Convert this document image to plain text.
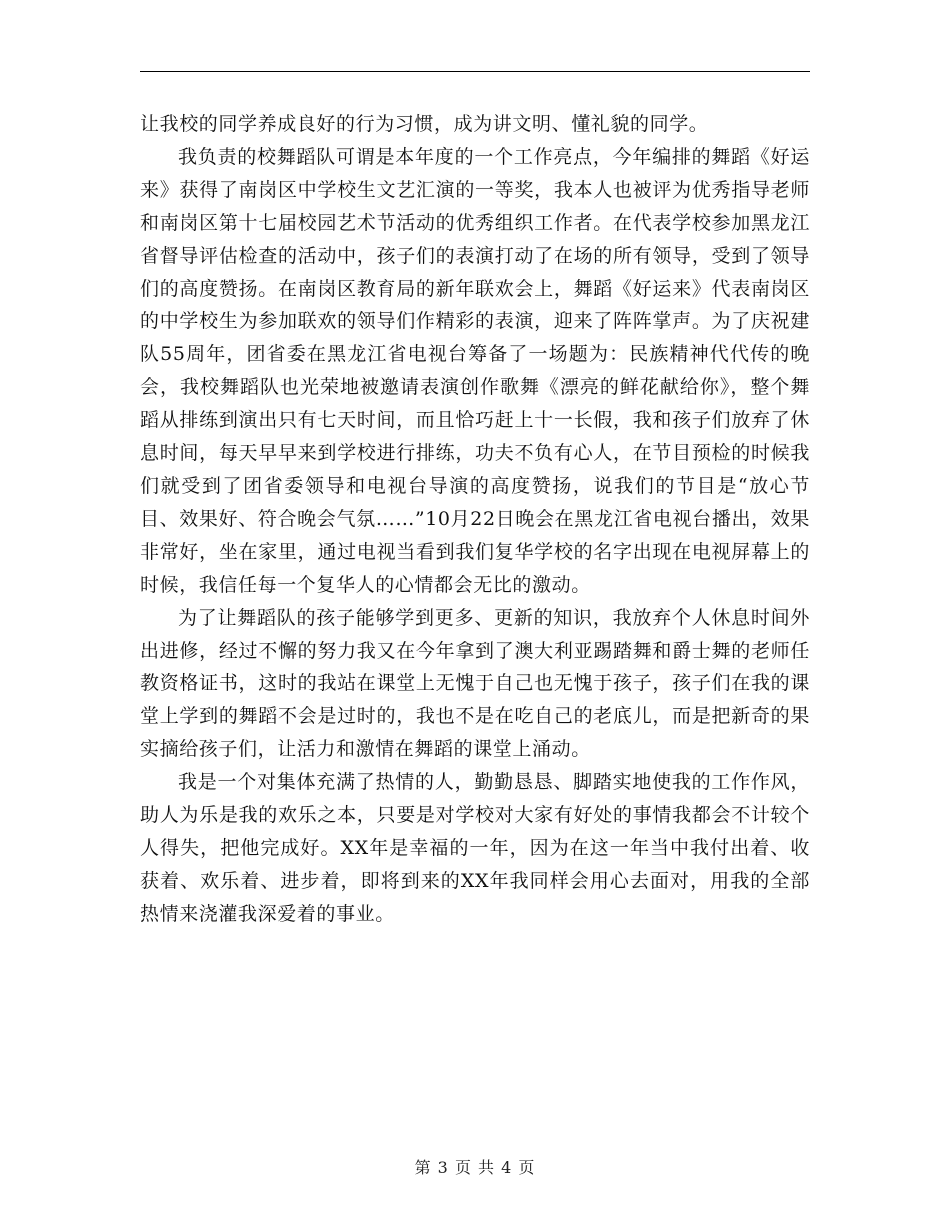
让我校的同学养成良好的行为习惯，成为讲文明、懂礼貌的同学。

我负责的校舞蹈队可谓是本年度的一个工作亮点，今年编排的舞蹈《好运来》获得了南岗区中学校生文艺汇演的一等奖，我本人也被评为优秀指导老师和南岗区第十七届校园艺术节活动的优秀组织工作者。在代表学校参加黑龙江省督导评估检查的活动中，孩子们的表演打动了在场的所有领导，受到了领导们的高度赞扬。在南岗区教育局的新年联欢会上，舞蹈《好运来》代表南岗区的中学校生为参加联欢的领导们作精彩的表演，迎来了阵阵掌声。为了庆祝建队55周年，团省委在黑龙江省电视台筹备了一场题为：民族精神代代传的晚会，我校舞蹈队也光荣地被邀请表演创作歌舞《漂亮的鲜花献给你》，整个舞蹈从排练到演出只有七天时间，而且恰巧赶上十一长假，我和孩子们放弃了休息时间，每天早早来到学校进行排练，功夫不负有心人，在节目预检的时候我们就受到了团省委领导和电视台导演的高度赞扬，说我们的节目是“放心节目、效果好、符合晚会气氛……”10月22日晚会在黑龙江省电视台播出，效果非常好，坐在家里，通过电视当看到我们复华学校的名字出现在电视屏幕上的时候，我信任每一个复华人的心情都会无比的激动。

为了让舞蹈队的孩子能够学到更多、更新的知识，我放弃个人休息时间外出进修，经过不懈的努力我又在今年拿到了澳大利亚踢踏舞和爵士舞的老师任教资格证书，这时的我站在课堂上无愧于自己也无愧于孩子，孩子们在我的课堂上学到的舞蹈不会是过时的，我也不是在吃自己的老底儿，而是把新奇的果实摘给孩子们，让活力和激情在舞蹈的课堂上涌动。

我是一个对集体充满了热情的人，勤勤恳恳、脚踏实地使我的工作作风，助人为乐是我的欢乐之本，只要是对学校对大家有好处的事情我都会不计较个人得失，把他完成好。XX年是幸福的一年，因为在这一年当中我付出着、收获着、欢乐着、进步着，即将到来的XX年我同样会用心去面对，用我的全部热情来浇灌我深爱着的事业。

第 3 页 共 4 页
